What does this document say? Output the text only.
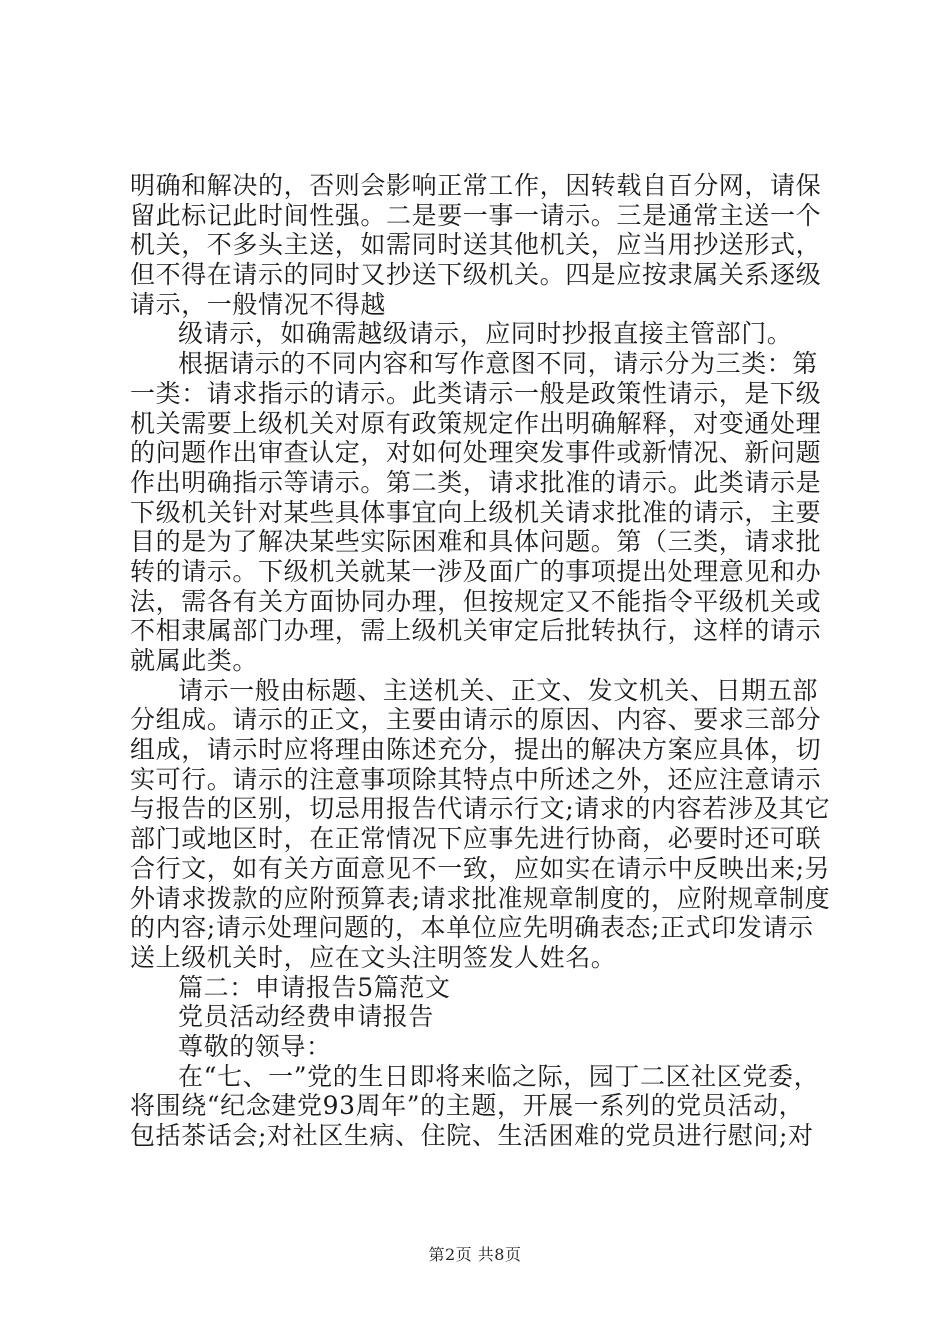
明确和解决的，否则会影响正常工作，因转载自百分网，请保
留此标记此时间性强。二是要一事一请示。三是通常主送一个
机关，不多头主送，如需同时送其他机关，应当用抄送形式，
但不得在请示的同时又抄送下级机关。四是应按隶属关系逐级
请示，一般情况不得越
级请示，如确需越级请示，应同时抄报直接主管部门。
根据请示的不同内容和写作意图不同，请示分为三类：第
一类：请求指示的请示。此类请示一般是政策性请示，是下级
机关需要上级机关对原有政策规定作出明确解释，对变通处理
的问题作出审查认定，对如何处理突发事件或新情况、新问题
作出明确指示等请示。第二类，请求批准的请示。此类请示是
下级机关针对某些具体事宜向上级机关请求批准的请示，主要
目的是为了解决某些实际困难和具体问题。第（三类，请求批
转的请示。下级机关就某一涉及面广的事项提出处理意见和办
法，需各有关方面协同办理，但按规定又不能指令平级机关或
不相隶属部门办理，需上级机关审定后批转执行，这样的请示
就属此类。
请示一般由标题、主送机关、正文、发文机关、日期五部
分组成。请示的正文，主要由请示的原因、内容、要求三部分
组成，请示时应将理由陈述充分，提出的解决方案应具体，切
实可行。请示的注意事项除其特点中所述之外，还应注意请示
与报告的区别，切忌用报告代请示行文;请求的内容若涉及其它
部门或地区时，在正常情况下应事先进行协商，必要时还可联
合行文，如有关方面意见不一致，应如实在请示中反映出来;另
外请求拨款的应附预算表;请求批准规章制度的，应附规章制度
的内容;请示处理问题的，本单位应先明确表态;正式印发请示
送上级机关时，应在文头注明签发人姓名。
篇二：申请报告5篇范文
党员活动经费申请报告
尊敬的领导：
在“七、一”党的生日即将来临之际，园丁二区社区党委，
将围绕“纪念建党93周年”的主题，开展一系列的党员活动，
包括茶话会;对社区生病、住院、生活困难的党员进行慰问;对
第2页 共8页
